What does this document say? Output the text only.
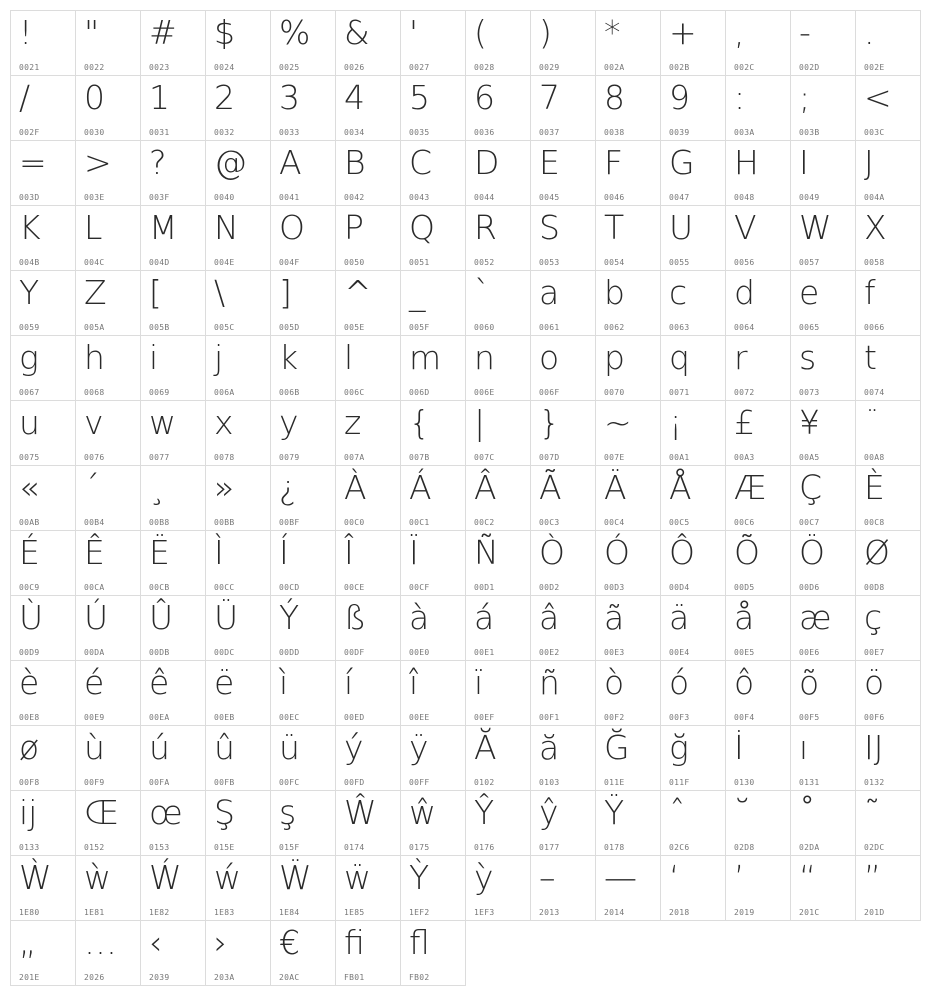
!
0021
"
0022
#
0023
$
0024
%
0025
&
0026
'
0027
(
0028
)
0029
*
002A
+
002B
,
002C
-
002D
.
002E
/
002F
0
0030
1
0031
2
0032
3
0033
4
0034
5
0035
6
0036
7
0037
8
0038
9
0039
:
003A
;
003B
<
003C
=
003D
>
003E
?
003F
@
0040
A
0041
B
0042
C
0043
D
0044
E
0045
F
0046
G
0047
H
0048
I
0049
J
004A
K
004B
L
004C
M
004D
N
004E
O
004F
P
0050
Q
0051
R
0052
S
0053
T
0054
U
0055
V
0056
W
0057
X
0058
Y
0059
Z
005A
[
005B
\
005C
]
005D
^
005E
_
005F
`
0060
a
0061
b
0062
c
0063
d
0064
e
0065
f
0066
g
0067
h
0068
i
0069
j
006A
k
006B
l
006C
m
006D
n
006E
o
006F
p
0070
q
0071
r
0072
s
0073
t
0074
u
0075
v
0076
w
0077
x
0078
y
0079
z
007A
{
007B
|
007C
}
007D
~
007E
¡
00A1
£
00A3
¥
00A5
¨
00A8
«
00AB
´
00B4
¸
00B8
»
00BB
¿
00BF
À
00C0
Á
00C1
Â
00C2
Ã
00C3
Ä
00C4
Å
00C5
Æ
00C6
Ç
00C7
È
00C8
É
00C9
Ê
00CA
Ë
00CB
Ì
00CC
Í
00CD
Î
00CE
Ï
00CF
Ñ
00D1
Ò
00D2
Ó
00D3
Ô
00D4
Õ
00D5
Ö
00D6
Ø
00D8
Ù
00D9
Ú
00DA
Û
00DB
Ü
00DC
Ý
00DD
ß
00DF
à
00E0
á
00E1
â
00E2
ã
00E3
ä
00E4
å
00E5
æ
00E6
ç
00E7
è
00E8
é
00E9
ê
00EA
ë
00EB
ì
00EC
í
00ED
î
00EE
ï
00EF
ñ
00F1
ò
00F2
ó
00F3
ô
00F4
õ
00F5
ö
00F6
ø
00F8
ù
00F9
ú
00FA
û
00FB
ü
00FC
ý
00FD
ÿ
00FF
Ă
0102
ă
0103
Ğ
011E
ğ
011F
İ
0130
ı
0131
Ĳ
0132
ĳ
0133
Œ
0152
œ
0153
Ş
015E
ş
015F
Ŵ
0174
ŵ
0175
Ŷ
0176
ŷ
0177
Ÿ
0178
ˆ
02C6
˘
02D8
˚
02DA
˜
02DC
Ẁ
1E80
ẁ
1E81
Ẃ
1E82
ẃ
1E83
Ẅ
1E84
ẅ
1E85
Ỳ
1EF2
ỳ
1EF3
–
2013
—
2014
‘
2018
’
2019
“
201C
”
201D
„
201E
…
2026
‹
2039
›
203A
€
20AC
ﬁ
FB01
ﬂ
FB02
